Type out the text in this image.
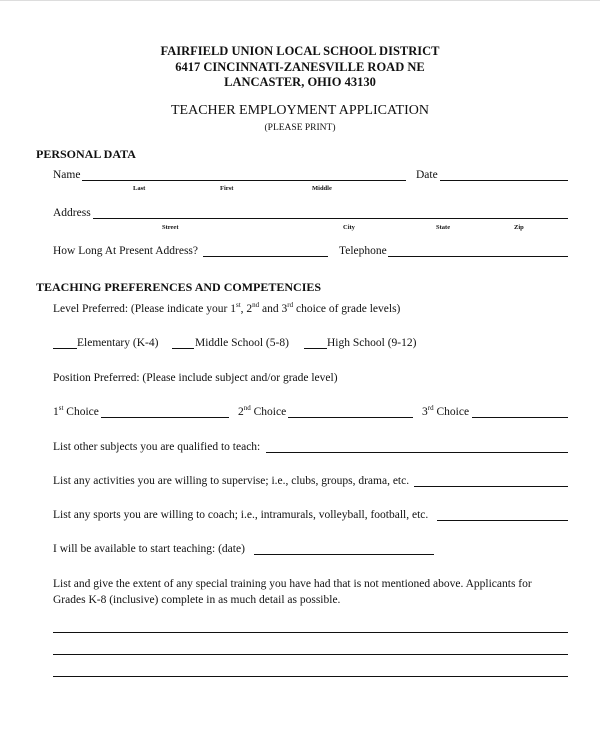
FAIRFIELD UNION LOCAL SCHOOL DISTRICT
6417 CINCINNATI-ZANESVILLE ROAD NE
LANCASTER, OHIO 43130
TEACHER EMPLOYMENT APPLICATION
(PLEASE PRINT)
PERSONAL DATA
Name	Date
Last	First	Middle
Address
Street	City	State	Zip
How Long At Present Address?	Telephone
TEACHING PREFERENCES AND COMPETENCIES
Level Preferred: (Please indicate your 1st, 2nd and 3rd choice of grade levels)
Elementary (K-4)	Middle School (5-8)	High School (9-12)
Position Preferred: (Please include subject and/or grade level)
1st Choice	2nd Choice	3rd Choice
List other subjects you are qualified to teach:
List any activities you are willing to supervise; i.e., clubs, groups, drama, etc.
List any sports you are willing to coach; i.e., intramurals, volleyball, football, etc.
I will be available to start teaching: (date)
List and give the extent of any special training you have had that is not mentioned above. Applicants for
Grades K-8 (inclusive) complete in as much detail as possible.
